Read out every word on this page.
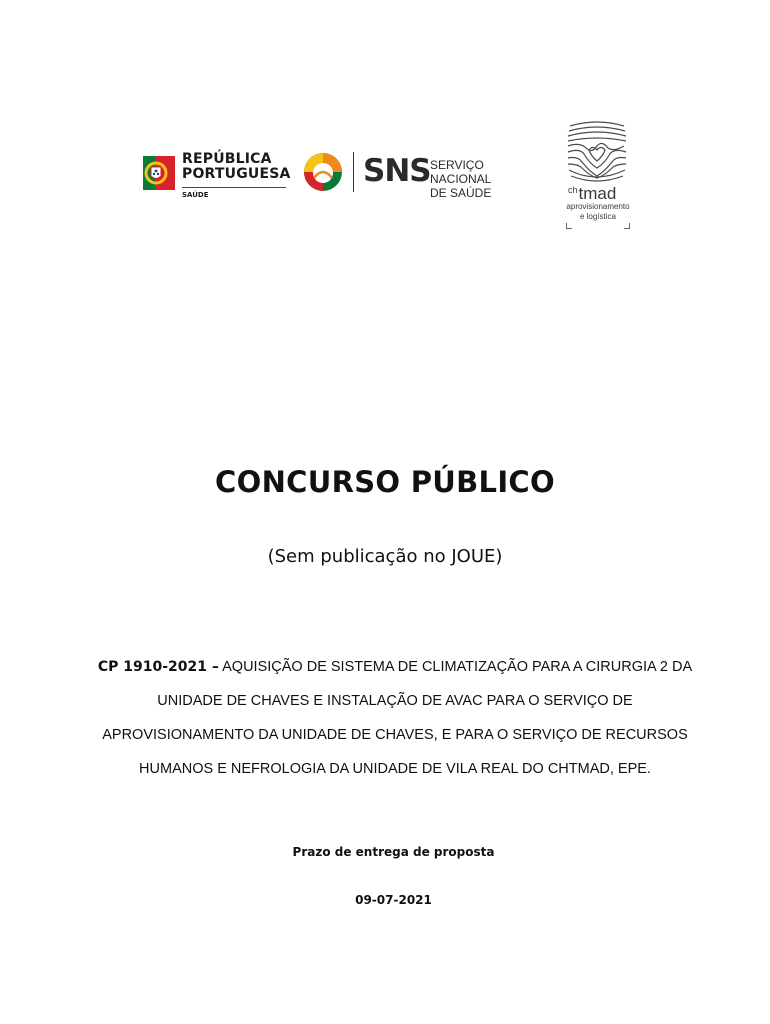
REPÚBLICA
PORTUGUESA
SAÚDE
SNS SERVIÇO NACIONAL
DE SAÚDE	$^{ch}$tmad
aprovisionamento
e logística
CONCURSO PÚBLICO
(Sem publicação no JOUE)
CP 1910-2021 – AQUISIÇÃO DE SISTEMA DE CLIMATIZAÇÃO PARA A CIRURGIA 2 DA
UNIDADE DE CHAVES E INSTALAÇÃO DE AVAC PARA O SERVIÇO DE
APROVISIONAMENTO DA UNIDADE DE CHAVES, E PARA O SERVIÇO DE RECURSOS
HUMANOS E NEFROLOGIA DA UNIDADE DE VILA REAL DO CHTMAD, EPE.
Prazo de entrega de proposta
09-07-2021
